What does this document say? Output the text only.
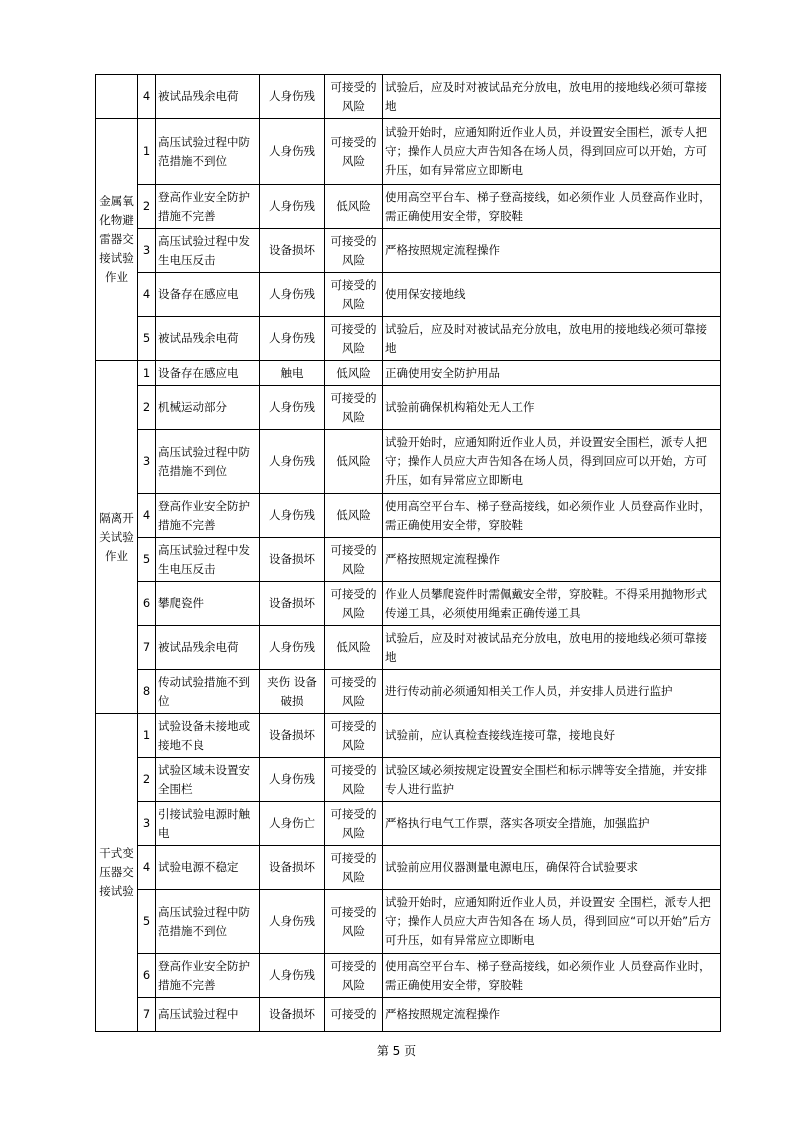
	4	被试品残余电荷	人身伤残	可接受的风险	试验后，应及时对被试品充分放电，放电用的接地线必须可靠接地
金属氧化物避雷器交接试验作业	1	高压试验过程中防范措施不到位	人身伤残	可接受的风险	试验开始时，应通知附近作业人员，并设置安全围栏，派专人把守；操作人员应大声告知各在场人员，得到回应可以开始，方可升压，如有异常应立即断电
	2	登高作业安全防护措施不完善	人身伤残	低风险	使用高空平台车、梯子登高接线，如必须作业 人员登高作业时，需正确使用安全带，穿胶鞋
	3	高压试验过程中发生电压反击	设备损坏	可接受的风险	严格按照规定流程操作
	4	设备存在感应电	人身伤残	可接受的风险	使用保安接地线
	5	被试品残余电荷	人身伤残	可接受的风险	试验后，应及时对被试品充分放电，放电用的接地线必须可靠接地
隔离开关试验作业	1	设备存在感应电	触电	低风险	正确使用安全防护用品
	2	机械运动部分	人身伤残	可接受的风险	试验前确保机构箱处无人工作
	3	高压试验过程中防范措施不到位	人身伤残	低风险	试验开始时，应通知附近作业人员，并设置安全围栏，派专人把守；操作人员应大声告知各在场人员，得到回应可以开始，方可升压，如有异常应立即断电
	4	登高作业安全防护措施不完善	人身伤残	低风险	使用高空平台车、梯子登高接线，如必须作业 人员登高作业时，需正确使用安全带，穿胶鞋
	5	高压试验过程中发生电压反击	设备损坏	可接受的风险	严格按照规定流程操作
	6	攀爬瓷件	设备损坏	可接受的风险	作业人员攀爬瓷件时需佩戴安全带，穿胶鞋。不得采用抛物形式传递工具，必须使用绳索正确传递工具
	7	被试品残余电荷	人身伤残	低风险	试验后，应及时对被试品充分放电，放电用的接地线必须可靠接地
	8	传动试验措施不到位	夹伤 设备破损	可接受的风险	进行传动前必须通知相关工作人员，并安排人员进行监护
干式变压器交接试验	1	试验设备未接地或接地不良	设备损坏	可接受的风险	试验前，应认真检查接线连接可靠，接地良好
	2	试验区域未设置安全围栏	人身伤残	可接受的风险	试验区域必须按规定设置安全围栏和标示牌等安全措施，并安排专人进行监护
	3	引接试验电源时触电	人身伤亡	可接受的风险	严格执行电气工作票，落实各项安全措施，加强监护
	4	试验电源不稳定	设备损坏	可接受的风险	试验前应用仪器测量电源电压，确保符合试验要求
	5	高压试验过程中防范措施不到位	人身伤残	可接受的风险	试验开始时，应通知附近作业人员，并设置安 全围栏，派专人把守；操作人员应大声告知各在 场人员，得到回应“可以开始”后方可升压，如有异常应立即断电
	6	登高作业安全防护措施不完善	人身伤残	可接受的风险	使用高空平台车、梯子登高接线，如必须作业 人员登高作业时，需正确使用安全带，穿胶鞋
	7	高压试验过程中	设备损坏	可接受的	严格按照规定流程操作
第 5 页
